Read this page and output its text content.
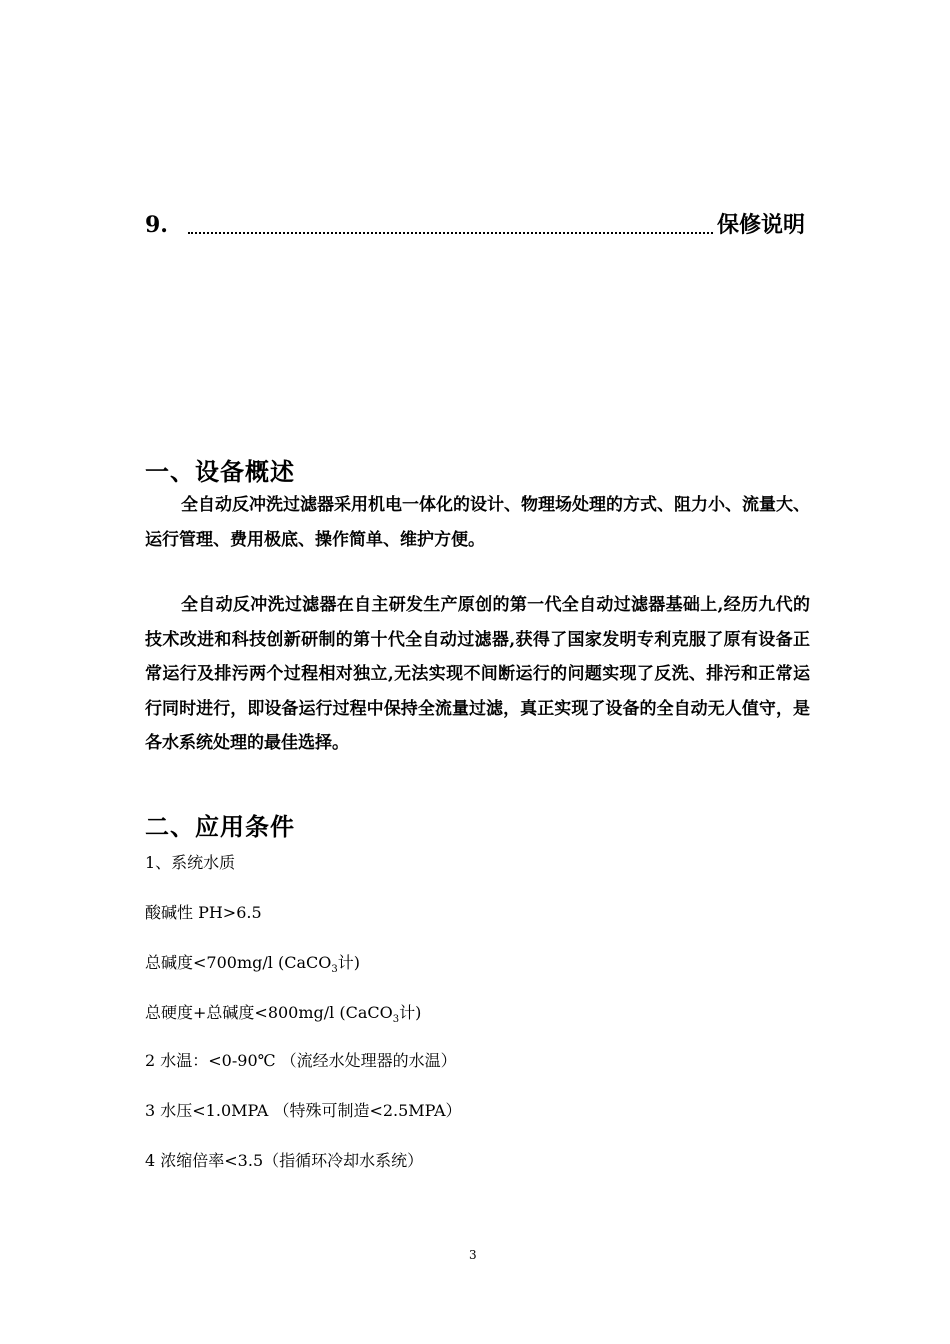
9.	保修说明
一、设备概述
全自动反冲洗过滤器采用机电一体化的设计、物理场处理的方式、阻力小、流量大、运行管理、费用极底、操作简单、维护方便。
全自动反冲洗过滤器在自主研发生产原创的第一代全自动过滤器基础上,经历九代的技术改进和科技创新研制的第十代全自动过滤器,获得了国家发明专利克服了原有设备正常运行及排污两个过程相对独立,无法实现不间断运行的问题实现了反洗、排污和正常运行同时进行，即设备运行过程中保持全流量过滤，真正实现了设备的全自动无人值守，是各水系统处理的最佳选择。
二、应用条件
1、系统水质
酸碱性 PH>6.5
总碱度<700mg/l (CaCO$_3$计)
总硬度+总碱度<800mg/l (CaCO$_3$计)
2 水温：<0-90℃ （流经水处理器的水温）
3 水压<1.0MPA （特殊可制造<2.5MPA）
4 浓缩倍率<3.5（指循环冷却水系统）
3
